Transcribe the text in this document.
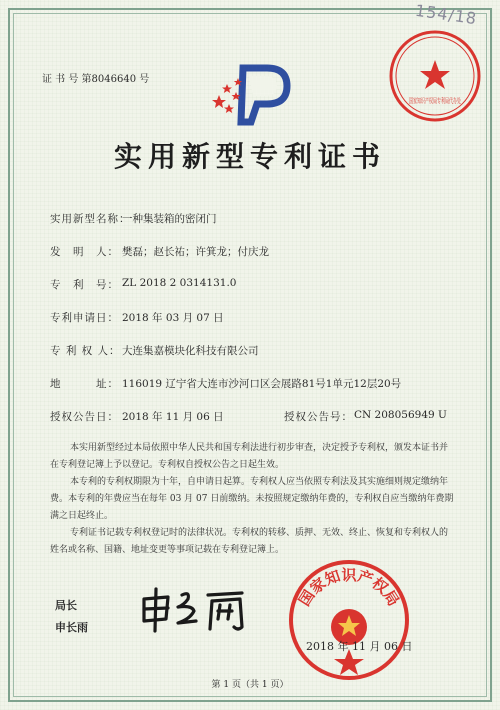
154/18
证 书 号 第8046640 号
国家知识产权局专利局代办处
实用新型专利证书
实用新型名称：
一种集装箱的密闭门
发　明　人： 樊磊；赵长祐；许箕龙；付庆龙
专　利　号： ZL 2018 2 0314131.0
专利申请日： 2018 年 03 月 07 日
专 利 权 人： 大连集嘉模块化科技有限公司
地　　　址： 116019 辽宁省大连市沙河口区会展路81号1单元12层20号
授权公告日： 2018 年 11 月 06 日	授权公告号： CN 208056949 U

本实用新型经过本局依照中华人民共和国专利法进行初步审查，决定授予专利权，颁发本证书并在专利登记簿上予以登记。专利权自授权公告之日起生效。

本专利的专利权期限为十年，自申请日起算。专利权人应当依照专利法及其实施细则规定缴纳年费。本专利的年费应当在每年 03 月 07 日前缴纳。未按照规定缴纳年费的，专利权自应当缴纳年费期满之日起终止。

专利证书记载专利权登记时的法律状况。专利权的转移、质押、无效、终止、恢复和专利权人的姓名或名称、国籍、地址变更等事项记载在专利登记簿上。

局长
申长雨
国家知识产权局
2018 年 11 月 06 日
第 1 页（共 1 页）
